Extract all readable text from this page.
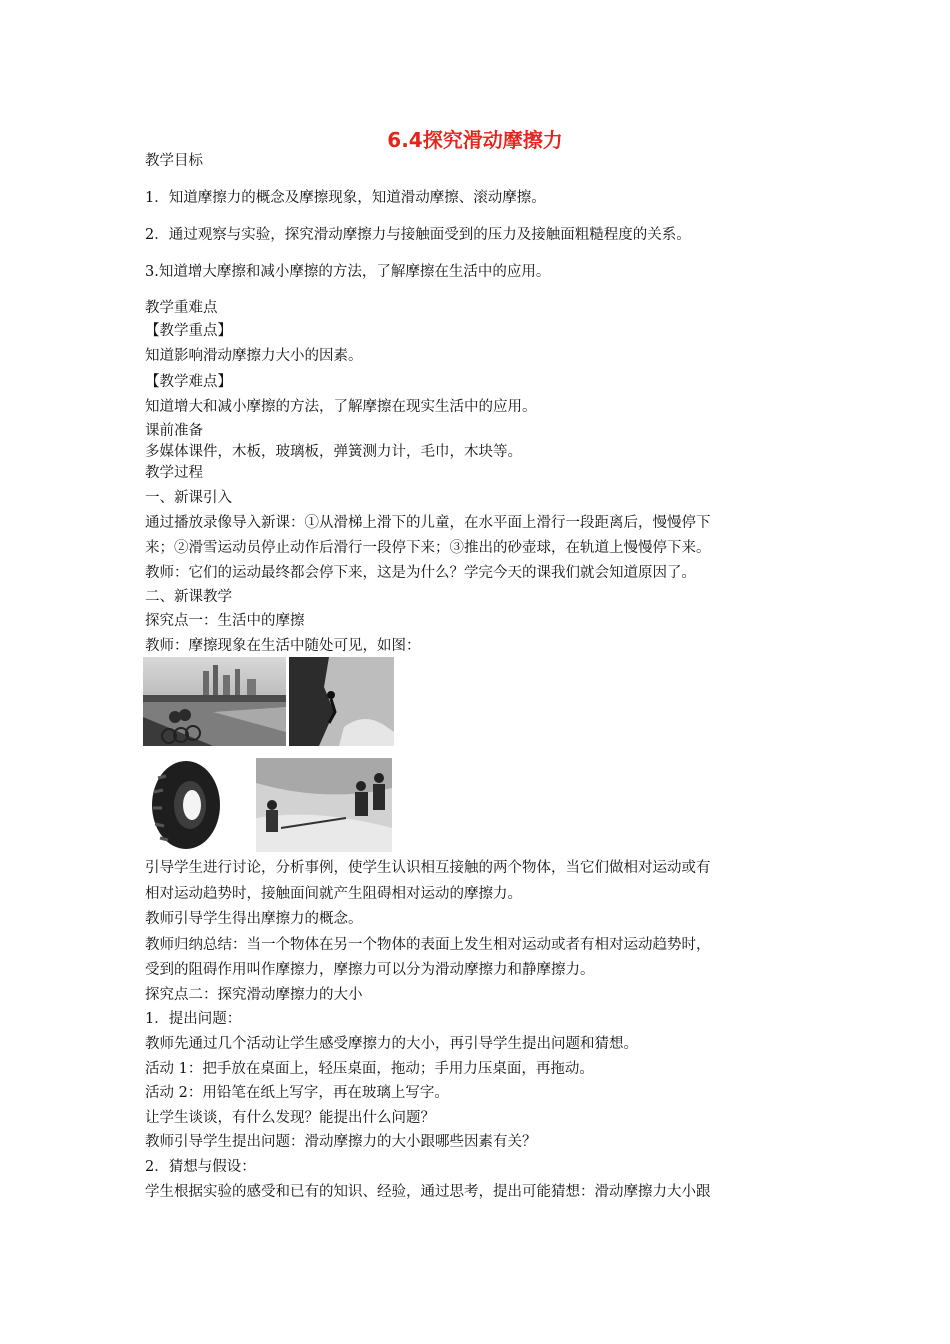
6.4探究滑动摩擦力
教学目标
1．知道摩擦力的概念及摩擦现象，知道滑动摩擦、滚动摩擦。
2．通过观察与实验，探究滑动摩擦力与接触面受到的压力及接触面粗糙程度的关系。
3.知道增大摩擦和减小摩擦的方法，了解摩擦在生活中的应用。
教学重难点
【教学重点】
知道影响滑动摩擦力大小的因素。
【教学难点】
知道增大和减小摩擦的方法，了解摩擦在现实生活中的应用。
课前准备
多媒体课件，木板，玻璃板，弹簧测力计，毛巾，木块等。
教学过程
一、新课引入
通过播放录像导入新课：①从滑梯上滑下的儿童，在水平面上滑行一段距离后，慢慢停下
来；②滑雪运动员停止动作后滑行一段停下来；③推出的砂壶球，在轨道上慢慢停下来。
教师：它们的运动最终都会停下来，这是为什么？学完今天的课我们就会知道原因了。
二、新课教学
探究点一：生活中的摩擦
教师：摩擦现象在生活中随处可见，如图：
引导学生进行讨论，分析事例，使学生认识相互接触的两个物体，当它们做相对运动或有
相对运动趋势时，接触面间就产生阻碍相对运动的摩擦力。
教师引导学生得出摩擦力的概念。
教师归纳总结：当一个物体在另一个物体的表面上发生相对运动或者有相对运动趋势时，
受到的阻碍作用叫作摩擦力，摩擦力可以分为滑动摩擦力和静摩擦力。
探究点二：探究滑动摩擦力的大小
1．提出问题：
教师先通过几个活动让学生感受摩擦力的大小，再引导学生提出问题和猜想。
活动 1：把手放在桌面上，轻压桌面，拖动；手用力压桌面，再拖动。
活动 2：用铅笔在纸上写字，再在玻璃上写字。
让学生谈谈，有什么发现？能提出什么问题？
教师引导学生提出问题：滑动摩擦力的大小跟哪些因素有关？
2．猜想与假设：
学生根据实验的感受和已有的知识、经验，通过思考，提出可能猜想：滑动摩擦力大小跟
